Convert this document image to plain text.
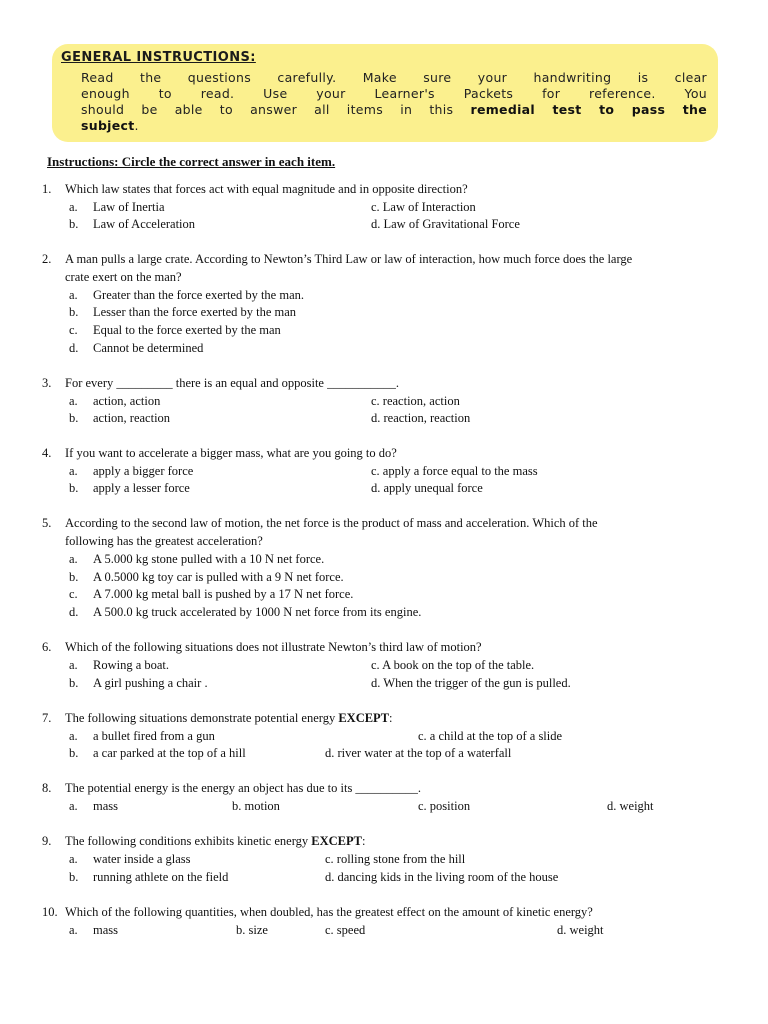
GENERAL INSTRUCTIONS:
Read the questions carefully. Make sure your handwriting is clear
enough to read. Use your Learner's Packets for reference. You
should be able to answer all items in this remedial test to pass the
subject.
Instructions: Circle the correct answer in each item.
1. Which law states that forces act with equal magnitude and in opposite direction?
a. Law of Inertia	c. Law of Interaction
b. Law of Acceleration	d. Law of Gravitational Force
2. A man pulls a large crate. According to Newton’s Third Law or law of interaction, how much force does the large
crate exert on the man?
a. Greater than the force exerted by the man.
b. Lesser than the force exerted by the man
c. Equal to the force exerted by the man
d. Cannot be determined
3. For every _________ there is an equal and opposite ___________.
a. action, action	c. reaction, action
b. action, reaction	d. reaction, reaction
4. If you want to accelerate a bigger mass, what are you going to do?
a. apply a bigger force	c. apply a force equal to the mass
b. apply a lesser force	d. apply unequal force
5. According to the second law of motion, the net force is the product of mass and acceleration. Which of the
following has the greatest acceleration?
a. A 5.000 kg stone pulled with a 10 N net force.
b. A 0.5000 kg toy car is pulled with a 9 N net force.
c. A 7.000 kg metal ball is pushed by a 17 N net force.
d. A 500.0 kg truck accelerated by 1000 N net force from its engine.
6. Which of the following situations does not illustrate Newton’s third law of motion?
a. Rowing a boat.	c. A book on the top of the table.
b. A girl pushing a chair .	d. When the trigger of the gun is pulled.
7. The following situations demonstrate potential energy EXCEPT:
a. a bullet fired from a gun	c. a child at the top of a slide
b. a car parked at the top of a hill	d. river water at the top of a waterfall
8. The potential energy is the energy an object has due to its __________.
a. mass	b. motion	c. position	d. weight
9. The following conditions exhibits kinetic energy EXCEPT:
a. water inside a glass	c. rolling stone from the hill
b. running athlete on the field	d. dancing kids in the living room of the house
10. Which of the following quantities, when doubled, has the greatest effect on the amount of kinetic energy?
a. mass	b. size	c. speed	d. weight
